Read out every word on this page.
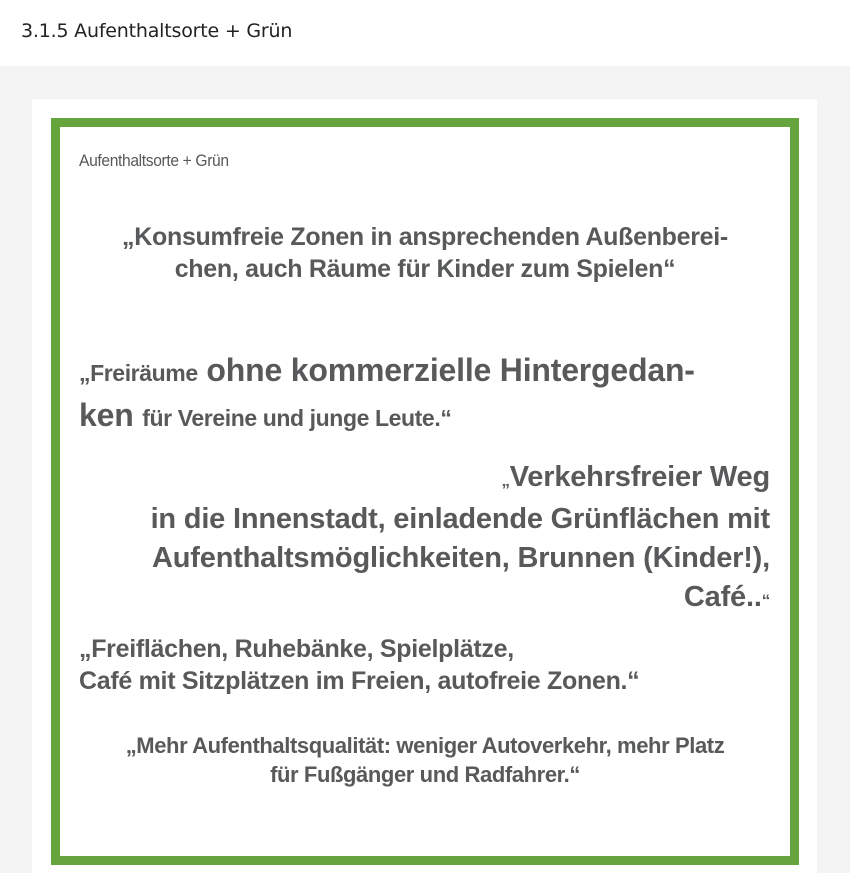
3.1.5 Aufenthaltsorte + Grün
Aufenthaltsorte + Grün
„Konsumfreie Zonen in ansprechenden Außenberei-
chen, auch Räume für Kinder zum Spielen“
„Freiräume ohne kommerzielle Hintergedan-
ken für Vereine und junge Leute.“
„Verkehrsfreier Weg
in die Innenstadt, einladende Grünflächen mit
Aufenthaltsmöglichkeiten, Brunnen (Kinder!),
Café..“
„Freiflächen, Ruhebänke, Spielplätze,
Café mit Sitzplätzen im Freien, autofreie Zonen.“
„Mehr Aufenthaltsqualität: weniger Autoverkehr, mehr Platz
für Fußgänger und Radfahrer.“
